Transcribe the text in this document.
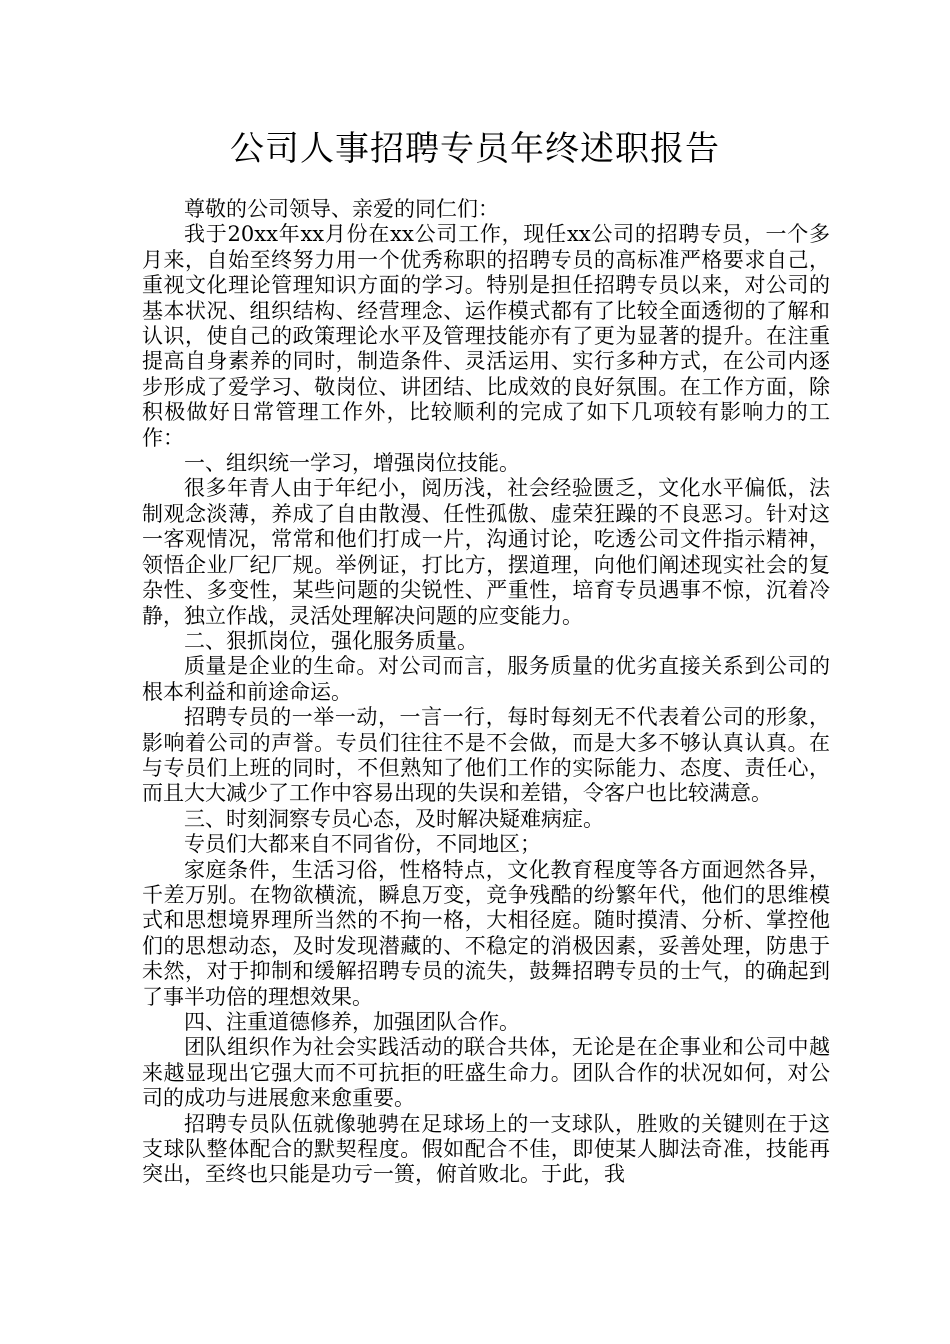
公司人事招聘专员年终述职报告

尊敬的公司领导、亲爱的同仁们：

我于20xx年xx月份在xx公司工作，现任xx公司的招聘专员，一个多月来，自始至终努力用一个优秀称职的招聘专员的高标准严格要求自己，重视文化理论管理知识方面的学习。特别是担任招聘专员以来，对公司的基本状况、组织结构、经营理念、运作模式都有了比较全面透彻的了解和认识，使自己的政策理论水平及管理技能亦有了更为显著的提升。在注重提高自身素养的同时，制造条件、灵活运用、实行多种方式，在公司内逐步形成了爱学习、敬岗位、讲团结、比成效的良好氛围。在工作方面，除积极做好日常管理工作外，比较顺利的完成了如下几项较有影响力的工作：

一、组织统一学习，增强岗位技能。

很多年青人由于年纪小，阅历浅，社会经验匮乏，文化水平偏低，法制观念淡薄，养成了自由散漫、任性孤傲、虚荣狂躁的不良恶习。针对这一客观情况，常常和他们打成一片，沟通讨论，吃透公司文件指示精神，领悟企业厂纪厂规。举例证，打比方，摆道理，向他们阐述现实社会的复杂性、多变性，某些问题的尖锐性、严重性，培育专员遇事不惊，沉着冷静，独立作战，灵活处理解决问题的应变能力。

二、狠抓岗位，强化服务质量。

质量是企业的生命。对公司而言，服务质量的优劣直接关系到公司的根本利益和前途命运。

招聘专员的一举一动，一言一行，每时每刻无不代表着公司的形象，影响着公司的声誉。专员们往往不是不会做，而是大多不够认真认真。在与专员们上班的同时，不但熟知了他们工作的实际能力、态度、责任心，而且大大减少了工作中容易出现的失误和差错，令客户也比较满意。

三、时刻洞察专员心态，及时解决疑难病症。

专员们大都来自不同省份，不同地区；

家庭条件，生活习俗，性格特点，文化教育程度等各方面迥然各异，千差万别。在物欲横流，瞬息万变，竞争残酷的纷繁年代，他们的思维模式和思想境界理所当然的不拘一格，大相径庭。随时摸清、分析、掌控他们的思想动态，及时发现潜藏的、不稳定的消极因素，妥善处理，防患于未然，对于抑制和缓解招聘专员的流失，鼓舞招聘专员的士气，的确起到了事半功倍的理想效果。

四、注重道德修养，加强团队合作。

团队组织作为社会实践活动的联合共体，无论是在企事业和公司中越来越显现出它强大而不可抗拒的旺盛生命力。团队合作的状况如何，对公司的成功与进展愈来愈重要。

招聘专员队伍就像驰骋在足球场上的一支球队，胜败的关键则在于这支球队整体配合的默契程度。假如配合不佳，即使某人脚法奇准，技能再突出，至终也只能是功亏一篑，俯首败北。于此，我
